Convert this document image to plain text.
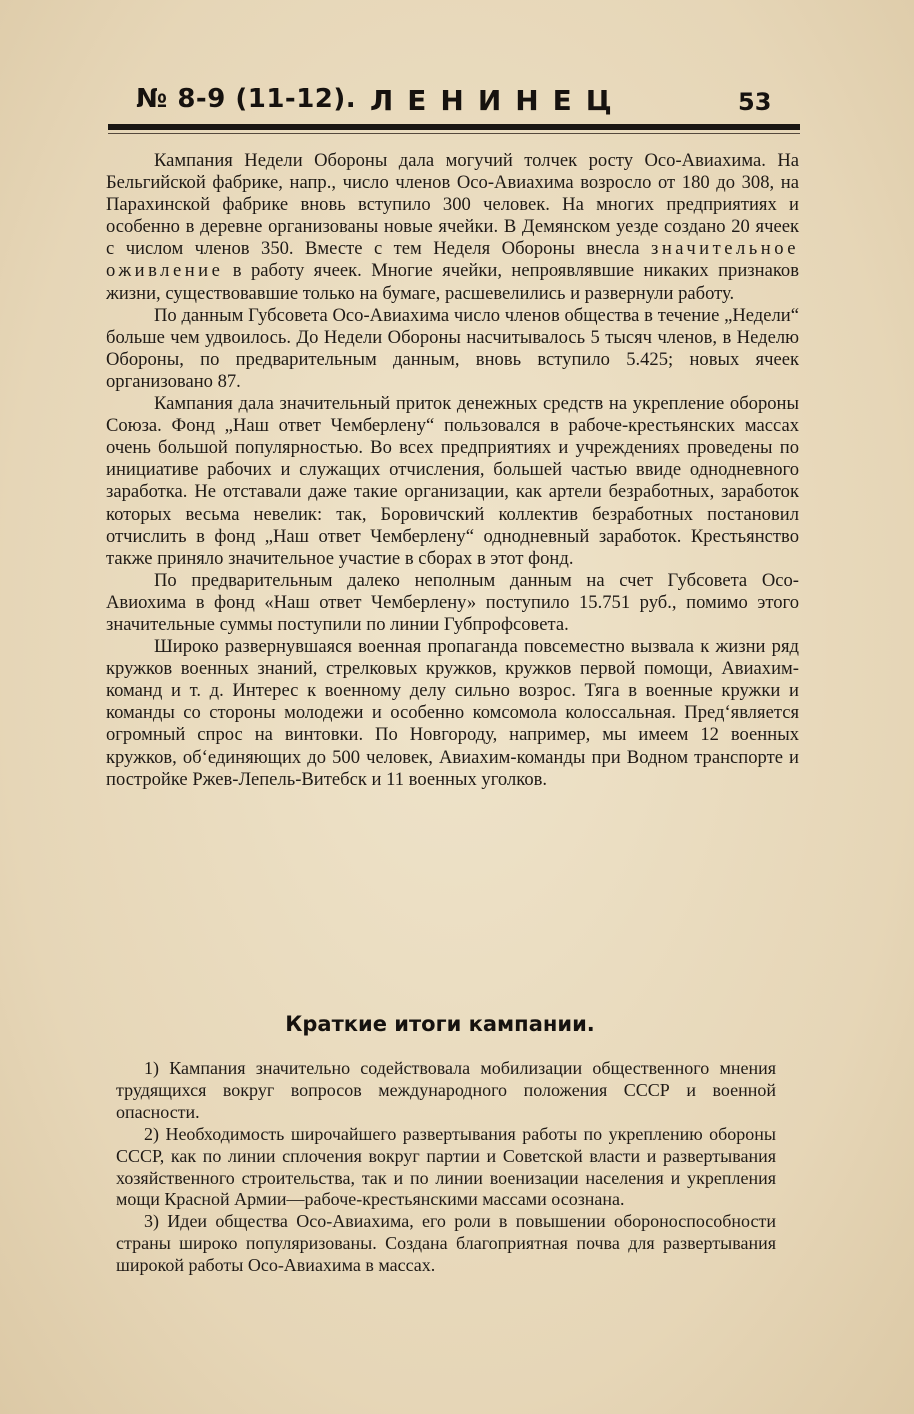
№ 8-9 (11-12). ЛЕНИНЕЦ	53

Кампания Недели Обороны дала могучий толчек росту Осо-Авиахима. На Бельгийской фабрике, напр., число членов Осо-Авиахима возросло от 180 до 308, на Парахинской фабрике вновь вступило 300 человек. На многих предприятиях и особенно в деревне организованы новые ячейки. В Демянском уезде создано 20 ячеек с числом членов 350. Вместе с тем Неделя Обороны внесла значительное оживление в работу ячеек. Многие ячейки, непроявлявшие никаких признаков жизни, существовавшие только на бумаге, расшевелились и развернули работу.

По данным Губсовета Осо-Авиахима число членов общества в течение „Недели“ больше чем удвоилось. До Недели Обороны насчитывалось 5 тысяч членов, в Неделю Обороны, по предварительным данным, вновь вступило 5.425; новых ячеек организовано 87.

Кампания дала значительный приток денежных средств на укрепление обороны Союза. Фонд „Наш ответ Чемберлену“ пользовался в рабоче-крестьянских массах очень большой популярностью. Во всех предприятиях и учреждениях проведены по инициативе рабочих и служащих отчисления, большей частью ввиде однодневного заработка. Не отставали даже такие организации, как артели безработных, заработок которых весьма невелик: так, Боровичский коллектив безработных постановил отчислить в фонд „Наш ответ Чемберлену“ однодневный заработок. Крестьянство также приняло значительное участие в сборах в этот фонд.

По предварительным далеко неполным данным на счет Губсовета Осо-Авиохима в фонд «Наш ответ Чемберлену» поступило 15.751 руб., помимо этого значительные суммы поступили по линии Губпрофсовета.

Широко развернувшаяся военная пропаганда повсеместно вызвала к жизни ряд кружков военных знаний, стрелковых кружков, кружков первой помощи, Авиахим-команд и т. д. Интерес к военному делу сильно возрос. Тяга в военные кружки и команды со стороны молодежи и особенно комсомола колоссальная. Пред‘является огромный спрос на винтовки. По Новгороду, например, мы имеем 12 военных кружков, об‘единяющих до 500 человек, Авиахим-команды при Водном транспорте и постройке Ржев-Лепель-Витебск и 11 военных уголков.

Краткие итоги кампании.

1) Кампания значительно содействовала мобилизации общественного мнения трудящихся вокруг вопросов международного положения СССР и военной опасности.

2) Необходимость широчайшего развертывания работы по укреплению обороны СССР, как по линии сплочения вокруг партии и Советской власти и развертывания хозяйственного строительства, так и по линии военизации населения и укрепления мощи Красной Армии—рабоче-крестьянскими массами осознана.

3) Идеи общества Осо-Авиахима, его роли в повышении обороноспособности страны широко популяризованы. Создана благоприятная почва для развертывания широкой работы Осо-Авиахима в массах.
